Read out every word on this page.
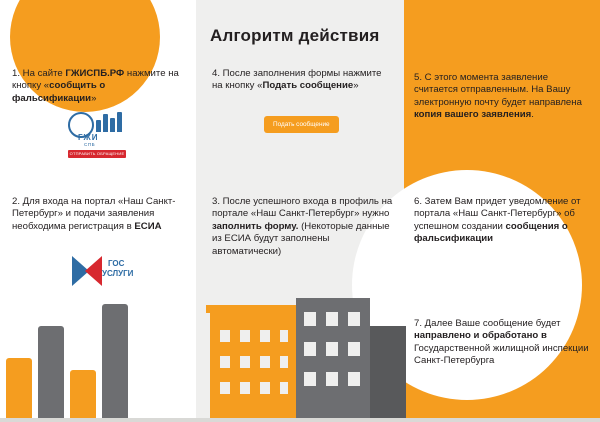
Алгоритм действия
1. На сайте ГЖИСПБ.РФ нажмите на кнопку «сообщить о фальсификации»
2. Для входа на портал «Наш Санкт-Петербург» и подачи заявления необходима регистрация в ЕСИА
3. После успешного входа в профиль на портале «Наш Санкт-Петербург» нужно заполнить форму. (Некоторые данные из ЕСИА будут заполнены автоматически)
4. После заполнения формы нажмите на кнопку «Подать сообщение»
5. С этого момента заявление считается отправленным. На Вашу электронную почту будет направлена копия вашего заявления.
6. Затем Вам придет уведомление от портала «Наш Санкт-Петербург» об успешном создании сообщения о фальсификации
7. Далее Ваше сообщение будет направлено и обработано в Государственной жилищной инспекции Санкт-Петербурга
ГЖИ
СПБ
ОТПРАВИТЬ ОБРАЩЕНИЕ
ГОС
УСЛУГИ
Подать сообщение
